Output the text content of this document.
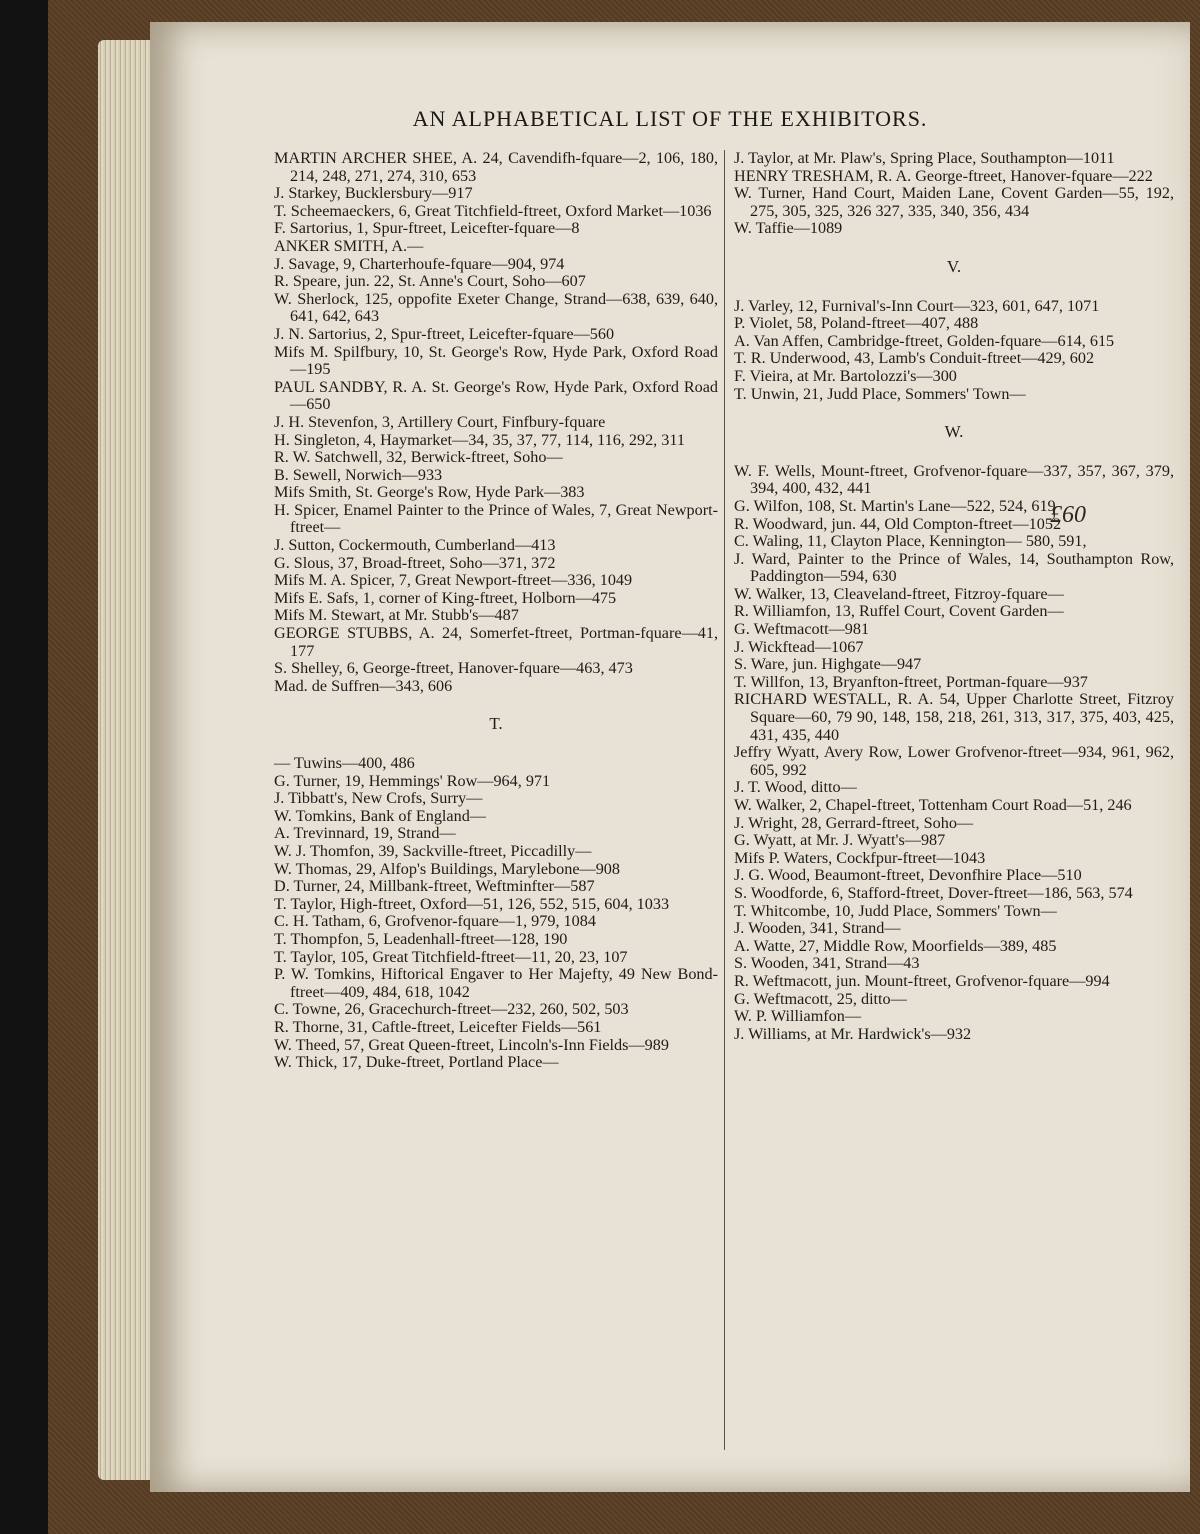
AN ALPHABETICAL LIST OF THE EXHIBITORS.

MARTIN ARCHER SHEE, A. 24, Cavendifh-fquare—2, 106, 180, 214, 248, 271, 274, 310, 653

J. Starkey, Bucklersbury—917

T. Scheemaeckers, 6, Great Titchfield-ftreet, Oxford Market—1036

F. Sartorius, 1, Spur-ftreet, Leicefter-fquare—8

ANKER SMITH, A.—

J. Savage, 9, Charterhoufe-fquare—904, 974

R. Speare, jun. 22, St. Anne's Court, Soho—607

W. Sherlock, 125, oppofite Exeter Change, Strand—638, 639, 640, 641, 642, 643

J. N. Sartorius, 2, Spur-ftreet, Leicefter-fquare—560

Mifs M. Spilfbury, 10, St. George's Row, Hyde Park, Oxford Road—195

PAUL SANDBY, R. A. St. George's Row, Hyde Park, Oxford Road—650

J. H. Stevenfon, 3, Artillery Court, Finfbury-fquare

H. Singleton, 4, Haymarket—34, 35, 37, 77, 114, 116, 292, 311

R. W. Satchwell, 32, Berwick-ftreet, Soho—

B. Sewell, Norwich—933

Mifs Smith, St. George's Row, Hyde Park—383

H. Spicer, Enamel Painter to the Prince of Wales, 7, Great Newport-ftreet—

J. Sutton, Cockermouth, Cumberland—413

G. Slous, 37, Broad-ftreet, Soho—371, 372

Mifs M. A. Spicer, 7, Great Newport-ftreet—336, 1049

Mifs E. Safs, 1, corner of King-ftreet, Holborn—475

Mifs M. Stewart, at Mr. Stubb's—487

GEORGE STUBBS, A. 24, Somerfet-ftreet, Portman-fquare—41, 177

S. Shelley, 6, George-ftreet, Hanover-fquare—463, 473

Mad. de Suffren—343, 606

T.

— Tuwins—400, 486

G. Turner, 19, Hemmings' Row—964, 971

J. Tibbatt's, New Crofs, Surry—

W. Tomkins, Bank of England—

A. Trevinnard, 19, Strand—

W. J. Thomfon, 39, Sackville-ftreet, Piccadilly—

W. Thomas, 29, Alfop's Buildings, Marylebone—908

D. Turner, 24, Millbank-ftreet, Weftminfter—587

T. Taylor, High-ftreet, Oxford—51, 126, 552, 515, 604, 1033

C. H. Tatham, 6, Grofvenor-fquare—1, 979, 1084

T. Thompfon, 5, Leadenhall-ftreet—128, 190

T. Taylor, 105, Great Titchfield-ftreet—11, 20, 23, 107

P. W. Tomkins, Hiftorical Engaver to Her Majefty, 49 New Bond-ftreet—409, 484, 618, 1042

C. Towne, 26, Gracechurch-ftreet—232, 260, 502, 503

R. Thorne, 31, Caftle-ftreet, Leicefter Fields—561

W. Theed, 57, Great Queen-ftreet, Lincoln's-Inn Fields—989

W. Thick, 17, Duke-ftreet, Portland Place—

J. Taylor, at Mr. Plaw's, Spring Place, Southampton—1011

HENRY TRESHAM, R. A. George-ftreet, Hanover-fquare—222

W. Turner, Hand Court, Maiden Lane, Covent Garden—55, 192, 275, 305, 325, 326 327, 335, 340, 356, 434

W. Taffie—1089

V.

J. Varley, 12, Furnival's-Inn Court—323, 601, 647, 1071

P. Violet, 58, Poland-ftreet—407, 488

A. Van Affen, Cambridge-ftreet, Golden-fquare—614, 615

T. R. Underwood, 43, Lamb's Conduit-ftreet—429, 602

F. Vieira, at Mr. Bartolozzi's—300

T. Unwin, 21, Judd Place, Sommers' Town—

W.

W. F. Wells, Mount-ftreet, Grofvenor-fquare—337, 357, 367, 379, 394, 400, 432, 441

G. Wilfon, 108, St. Martin's Lane—522, 524, 619

R. Woodward, jun. 44, Old Compton-ftreet—1052

C. Waling, 11, Clayton Place, Kennington— 580, 591,

J. Ward, Painter to the Prince of Wales, 14, Southampton Row, Paddington—594, 630

W. Walker, 13, Cleaveland-ftreet, Fitzroy-fquare—

R. Williamfon, 13, Ruffel Court, Covent Garden—

G. Weftmacott—981

J. Wickftead—1067

S. Ware, jun. Highgate—947

T. Willfon, 13, Bryanfton-ftreet, Portman-fquare—937

RICHARD WESTALL, R. A. 54, Upper Charlotte Street, Fitzroy Square—60, 79 90, 148, 158, 218, 261, 313, 317, 375, 403, 425, 431, 435, 440

Jeffry Wyatt, Avery Row, Lower Grofvenor-ftreet—934, 961, 962, 605, 992

J. T. Wood, ditto—

W. Walker, 2, Chapel-ftreet, Tottenham Court Road—51, 246

J. Wright, 28, Gerrard-ftreet, Soho—

G. Wyatt, at Mr. J. Wyatt's—987

Mifs P. Waters, Cockfpur-ftreet—1043

J. G. Wood, Beaumont-ftreet, Devonfhire Place—510

S. Woodforde, 6, Stafford-ftreet, Dover-ftreet—186, 563, 574

T. Whitcombe, 10, Judd Place, Sommers' Town—

J. Wooden, 341, Strand—

A. Watte, 27, Middle Row, Moorfields—389, 485

S. Wooden, 341, Strand—43

R. Weftmacott, jun. Mount-ftreet, Grofvenor-fquare—994

G. Weftmacott, 25, ditto—

W. P. Williamfon—

J. Williams, at Mr. Hardwick's—932

£60
